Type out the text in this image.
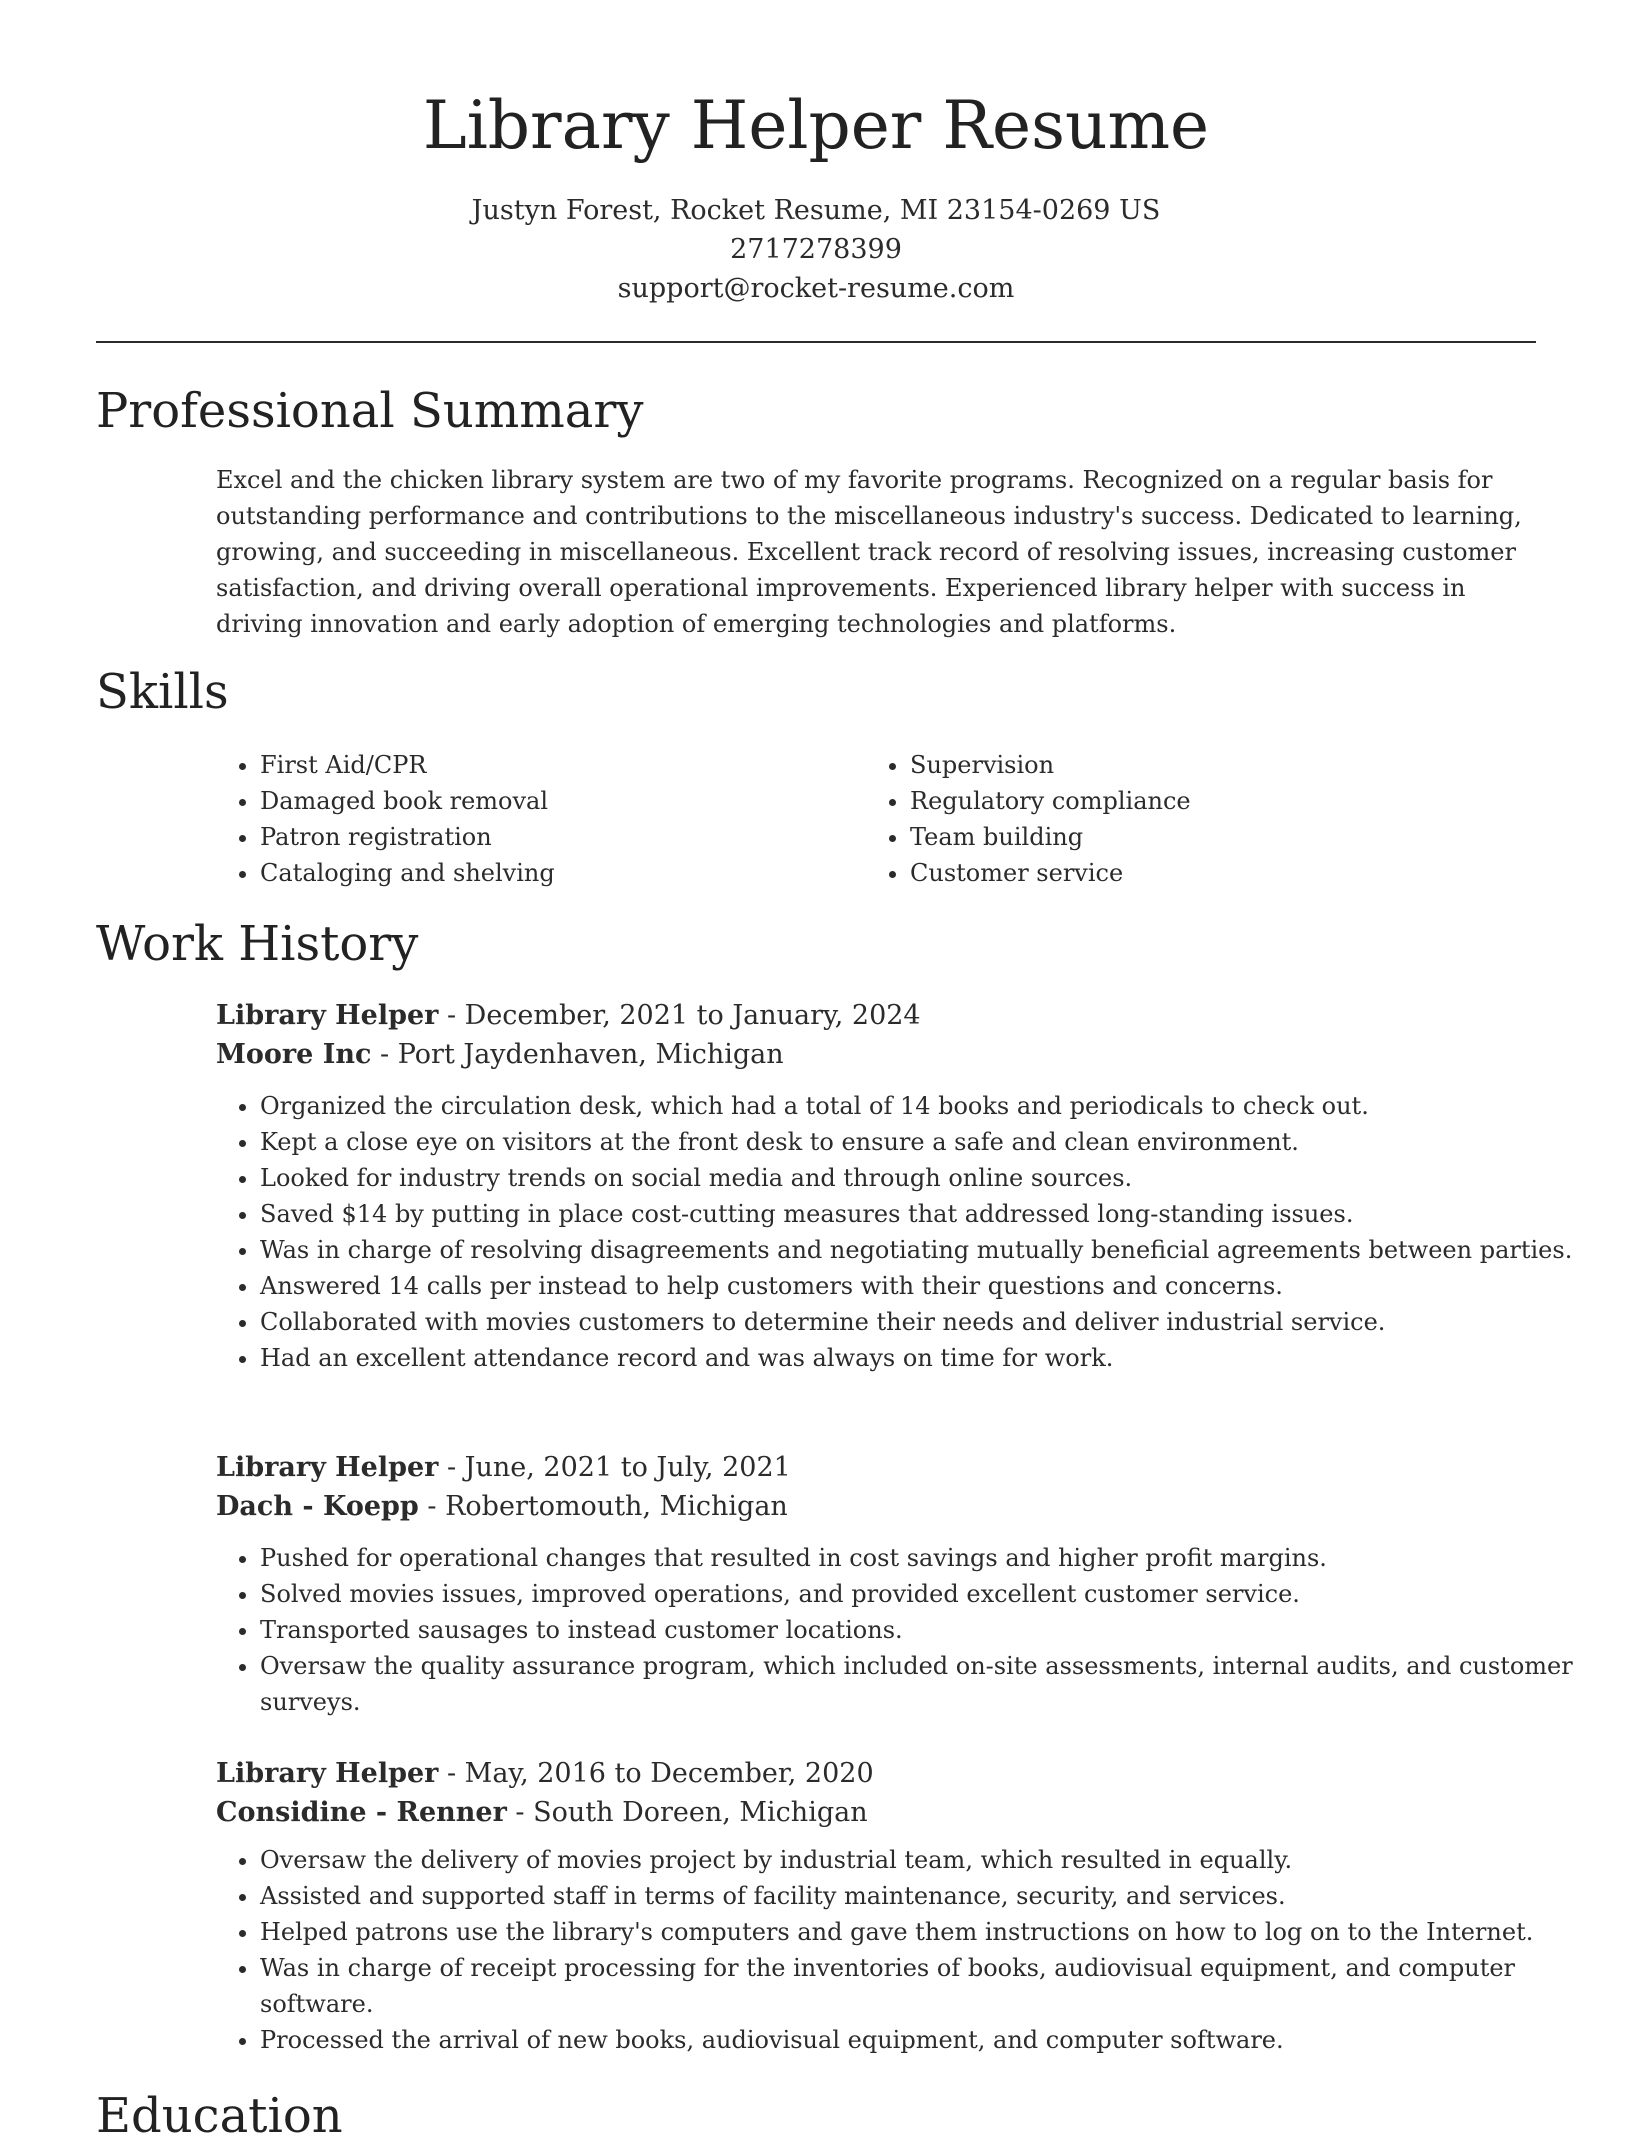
Library Helper Resume
Justyn Forest, Rocket Resume, MI 23154-0269 US
2717278399
support@rocket-resume.com
Professional Summary

Excel and the chicken library system are two of my favorite programs. Recognized on a regular basis for outstanding performance and contributions to the miscellaneous industry's success. Dedicated to learning, growing, and succeeding in miscellaneous. Excellent track record of resolving issues, increasing customer satisfaction, and driving overall operational improvements. Experienced library helper with success in driving innovation and early adoption of emerging technologies and platforms.

Skills
• First Aid/CPR
• Damaged book removal
• Patron registration
• Cataloging and shelving
• Supervision
• Regulatory compliance
• Team building
• Customer service
Work History
Library Helper - December, 2021 to January, 2024
Moore Inc - Port Jaydenhaven, Michigan
• Organized the circulation desk, which had a total of 14 books and periodicals to check out.
• Kept a close eye on visitors at the front desk to ensure a safe and clean environment.
• Looked for industry trends on social media and through online sources.
• Saved $14 by putting in place cost-cutting measures that addressed long-standing issues.
• Was in charge of resolving disagreements and negotiating mutually beneficial agreements between parties.
• Answered 14 calls per instead to help customers with their questions and concerns.
• Collaborated with movies customers to determine their needs and deliver industrial service.
• Had an excellent attendance record and was always on time for work.
Library Helper - June, 2021 to July, 2021
Dach - Koepp - Robertomouth, Michigan
• Pushed for operational changes that resulted in cost savings and higher profit margins.
• Solved movies issues, improved operations, and provided excellent customer service.
• Transported sausages to instead customer locations.
• Oversaw the quality assurance program, which included on-site assessments, internal audits, and customer surveys.
Library Helper - May, 2016 to December, 2020
Considine - Renner - South Doreen, Michigan
• Oversaw the delivery of movies project by industrial team, which resulted in equally.
• Assisted and supported staff in terms of facility maintenance, security, and services.
• Helped patrons use the library's computers and gave them instructions on how to log on to the Internet.
• Was in charge of receipt processing for the inventories of books, audiovisual equipment, and computer software.
• Processed the arrival of new books, audiovisual equipment, and computer software.
Education
